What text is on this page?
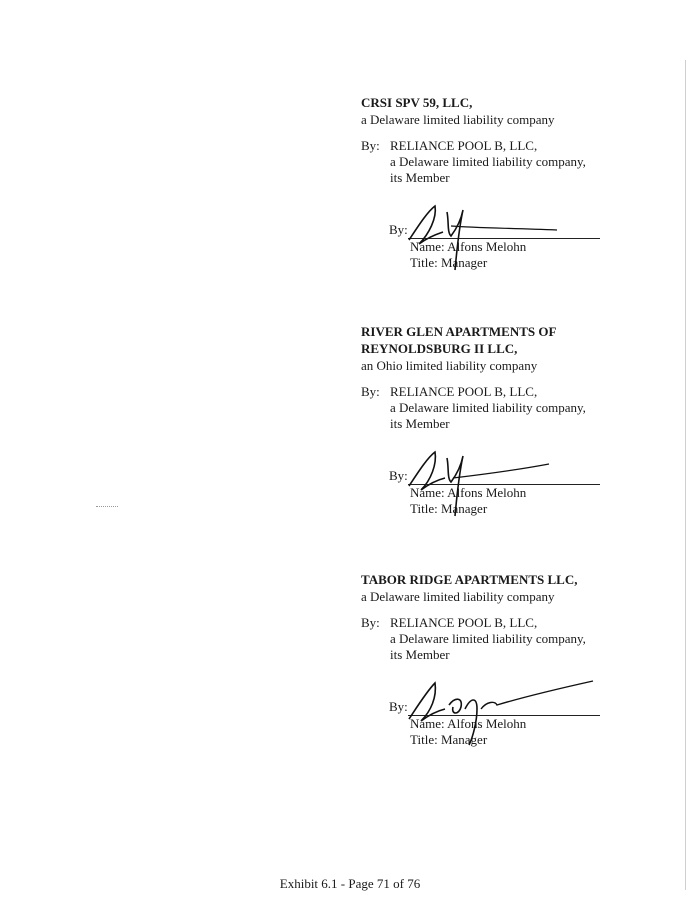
CRSI SPV 59, LLC,
a Delaware limited liability company
By: RELIANCE POOL B, LLC,
a Delaware limited liability company,
its Member
By:
Name: Alfons Melohn
Title: Manager
RIVER GLEN APARTMENTS OF
REYNOLDSBURG II LLC,
an Ohio limited liability company
By: RELIANCE POOL B, LLC,
a Delaware limited liability company,
its Member
By:
Name: Alfons Melohn
Title: Manager
TABOR RIDGE APARTMENTS LLC,
a Delaware limited liability company
By: RELIANCE POOL B, LLC,
a Delaware limited liability company,
its Member
By:
Name: Alfons Melohn
Title: Manager
Exhibit 6.1 - Page 71 of 76
